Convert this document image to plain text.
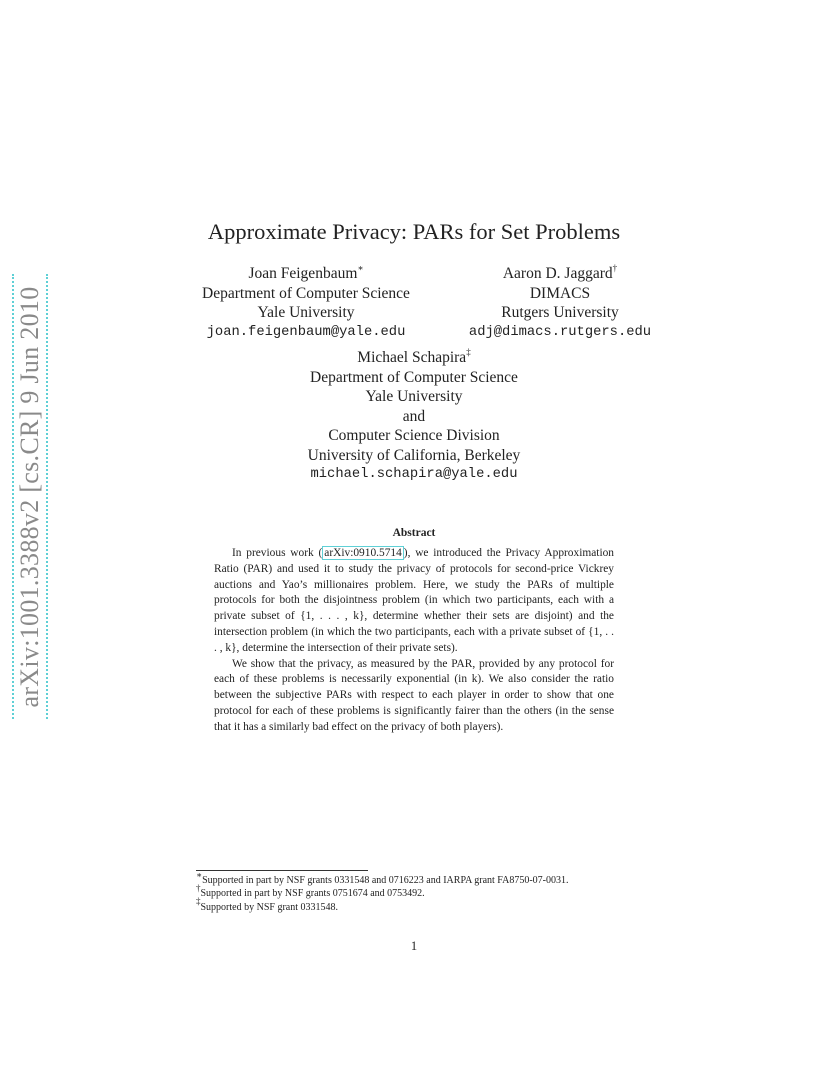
arXiv:1001.3388v2 [cs.CR] 9 Jun 2010
Approximate Privacy: PARs for Set Problems
Joan Feigenbaum∗
Department of Computer Science
Yale University
joan.feigenbaum@yale.edu
Aaron D. Jaggard†
DIMACS
Rutgers University
adj@dimacs.rutgers.edu
Michael Schapira‡
Department of Computer Science
Yale University
and
Computer Science Division
University of California, Berkeley
michael.schapira@yale.edu
Abstract

In previous work ( arXiv:0910.5714 ), we introduced the Privacy Approximation Ratio (PAR) and used it to study the privacy of protocols for second-price Vickrey auctions and Yao’s millionaires problem. Here, we study the PARs of multiple protocols for both the disjointness problem (in which two participants, each with a private subset of {1, . . . , k}, determine whether their sets are disjoint) and the intersection problem (in which the two participants, each with a private subset of {1, . . . , k}, determine the intersection of their private sets).

We show that the privacy, as measured by the PAR, provided by any protocol for each of these problems is necessarily exponential (in k). We also consider the ratio between the subjective PARs with respect to each player in order to show that one protocol for each of these problems is significantly fairer than the others (in the sense that it has a similarly bad effect on the privacy of both players).

∗Supported in part by NSF grants 0331548 and 0716223 and IARPA grant FA8750-07-0031.
†Supported in part by NSF grants 0751674 and 0753492.
‡Supported by NSF grant 0331548.
1
